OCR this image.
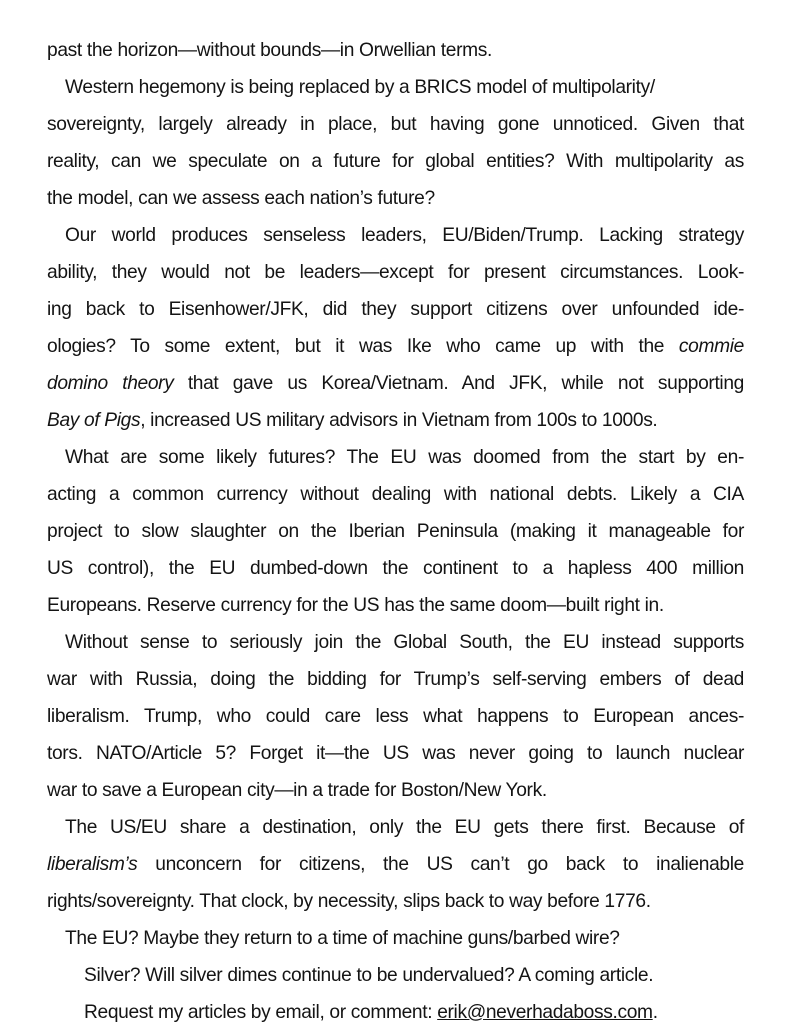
past the horizon—without bounds—in Orwellian terms.
Western hegemony is being replaced by a BRICS model of multipolarity/
sovereignty, largely already in place, but having gone unnoticed. Given that
reality, can we speculate on a future for global entities? With multipolarity as
the model, can we assess each nation’s future?
Our world produces senseless leaders, EU/Biden/Trump. Lacking strategy
ability, they would not be leaders—except for present circumstances. Look-
ing back to Eisenhower/JFK, did they support citizens over unfounded ide-
ologies? To some extent, but it was Ike who came up with the commie
domino theory that gave us Korea/Vietnam. And JFK, while not supporting
Bay of Pigs, increased US military advisors in Vietnam from 100s to 1000s.
What are some likely futures? The EU was doomed from the start by en-
acting a common currency without dealing with national debts. Likely a CIA
project to slow slaughter on the Iberian Peninsula (making it manageable for
US control), the EU dumbed-down the continent to a hapless 400 million
Europeans. Reserve currency for the US has the same doom—built right in.
Without sense to seriously join the Global South, the EU instead supports
war with Russia, doing the bidding for Trump’s self-serving embers of dead
liberalism. Trump, who could care less what happens to European ances-
tors. NATO/Article 5? Forget it—the US was never going to launch nuclear
war to save a European city—in a trade for Boston/New York.
The US/EU share a destination, only the EU gets there first. Because of
liberalism’s unconcern for citizens, the US can’t go back to inalienable
rights/sovereignty. That clock, by necessity, slips back to way before 1776.
The EU? Maybe they return to a time of machine guns/barbed wire?
Silver? Will silver dimes continue to be undervalued? A coming article.
Request my articles by email, or comment: erik@neverhadaboss.com.
